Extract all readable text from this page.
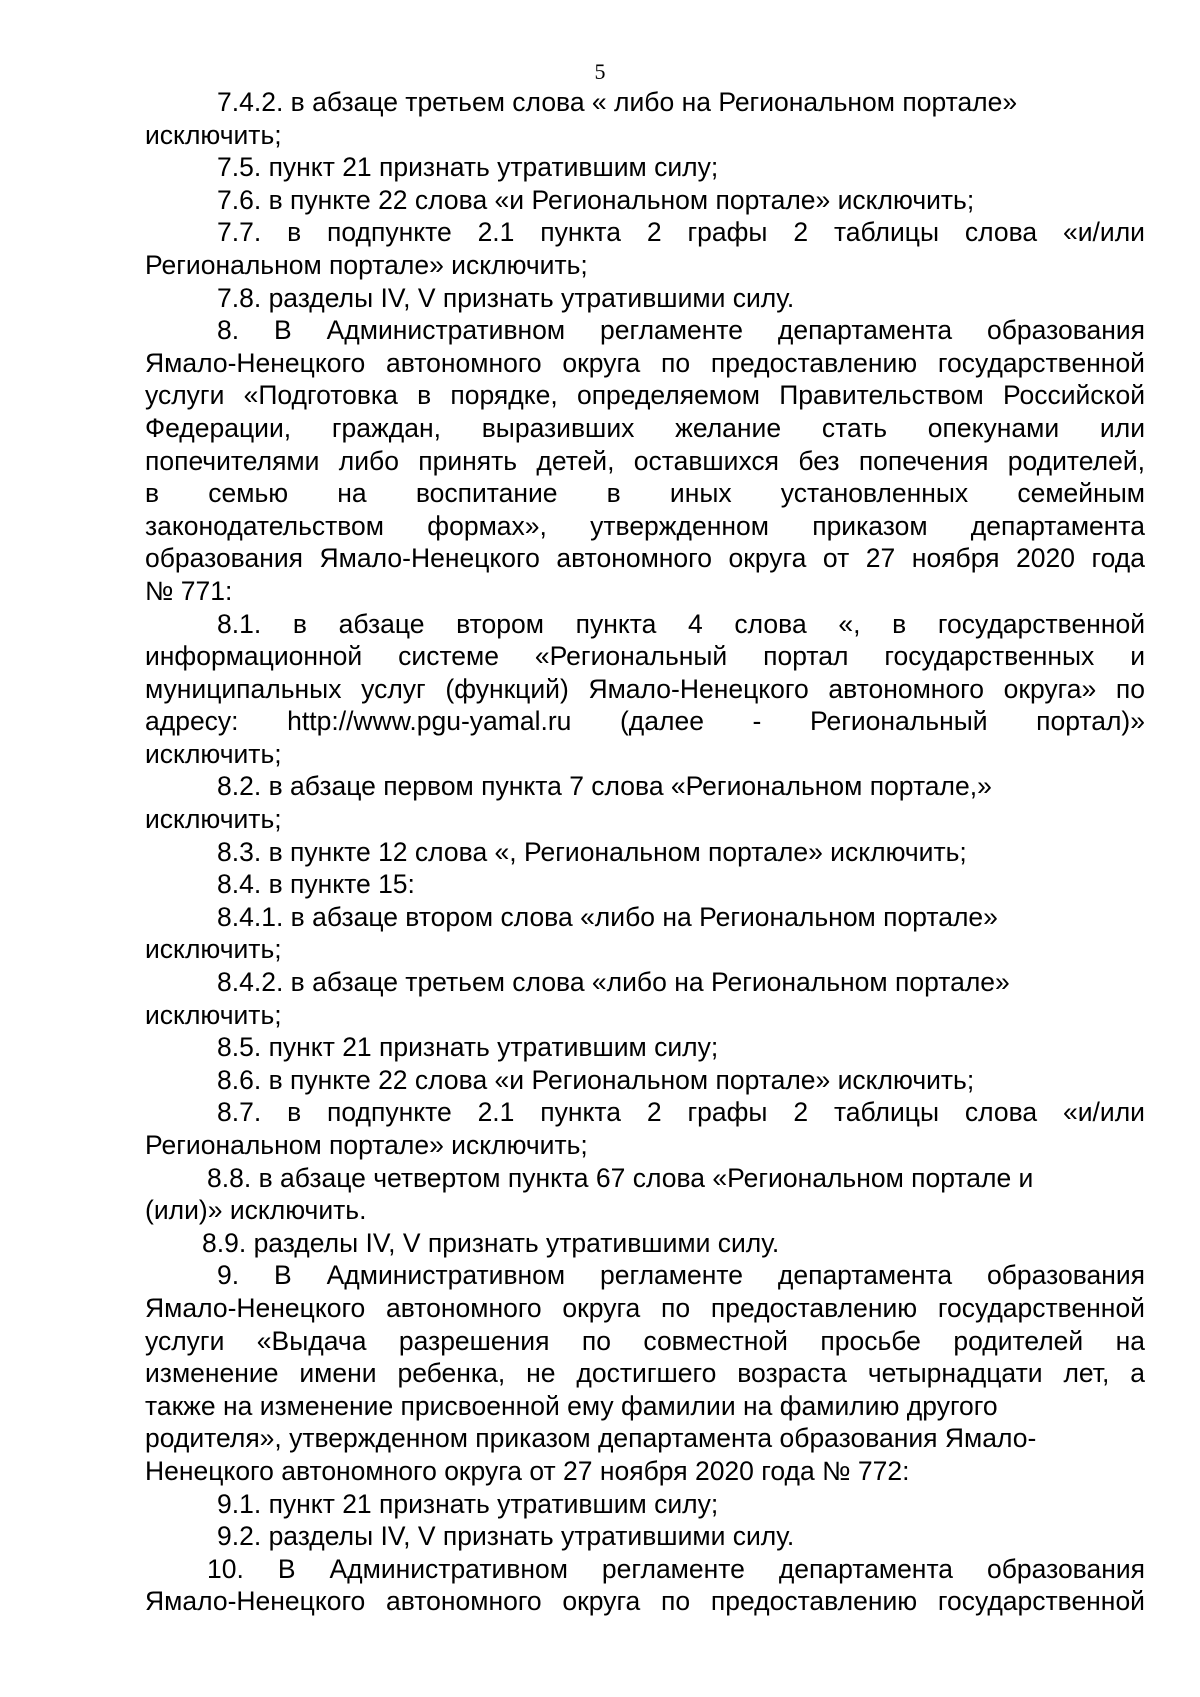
5
7.4.2. в абзаце третьем слова « либо на Региональном портале»
исключить;
7.5. пункт 21 признать утратившим силу;
7.6. в пункте 22 слова «и Региональном портале» исключить;
7.7. в подпункте 2.1 пункта 2 графы 2 таблицы слова «и/или
Региональном портале» исключить;
7.8. разделы IV, V признать утратившими силу.
8. В Административном регламенте департамента образования
Ямало-Ненецкого автономного округа по предоставлению государственной
услуги «Подготовка в порядке, определяемом Правительством Российской
Федерации, граждан, выразивших желание стать опекунами или
попечителями либо принять детей, оставшихся без попечения родителей,
в семью на воспитание в иных установленных семейным
законодательством формах», утвержденном приказом департамента
образования Ямало-Ненецкого автономного округа от 27 ноября 2020 года
№ 771:
8.1. в абзаце втором пункта 4 слова «, в государственной
информационной системе «Региональный портал государственных и
муниципальных услуг (функций) Ямало-Ненецкого автономного округа» по
адресу: http://www.pgu-yamal.ru (далее - Региональный портал)»
исключить;
8.2. в абзаце первом пункта 7 слова «Региональном портале,»
исключить;
8.3. в пункте 12 слова «, Региональном портале» исключить;
8.4. в пункте 15:
8.4.1. в абзаце втором слова «либо на Региональном портале»
исключить;
8.4.2. в абзаце третьем слова «либо на Региональном портале»
исключить;
8.5. пункт 21 признать утратившим силу;
8.6. в пункте 22 слова «и Региональном портале» исключить;
8.7. в подпункте 2.1 пункта 2 графы 2 таблицы слова «и/или
Региональном портале» исключить;
8.8. в абзаце четвертом пункта 67 слова «Региональном портале и
(или)» исключить.
8.9. разделы IV, V признать утратившими силу.
9. В Административном регламенте департамента образования
Ямало-Ненецкого автономного округа по предоставлению государственной
услуги «Выдача разрешения по совместной просьбе родителей на
изменение имени ребенка, не достигшего возраста четырнадцати лет, а
также на изменение присвоенной ему фамилии на фамилию другого
родителя», утвержденном приказом департамента образования Ямало-
Ненецкого автономного округа от 27 ноября 2020 года № 772:
9.1. пункт 21 признать утратившим силу;
9.2. разделы IV, V признать утратившими силу.
10. В Административном регламенте департамента образования
Ямало-Ненецкого автономного округа по предоставлению государственной
